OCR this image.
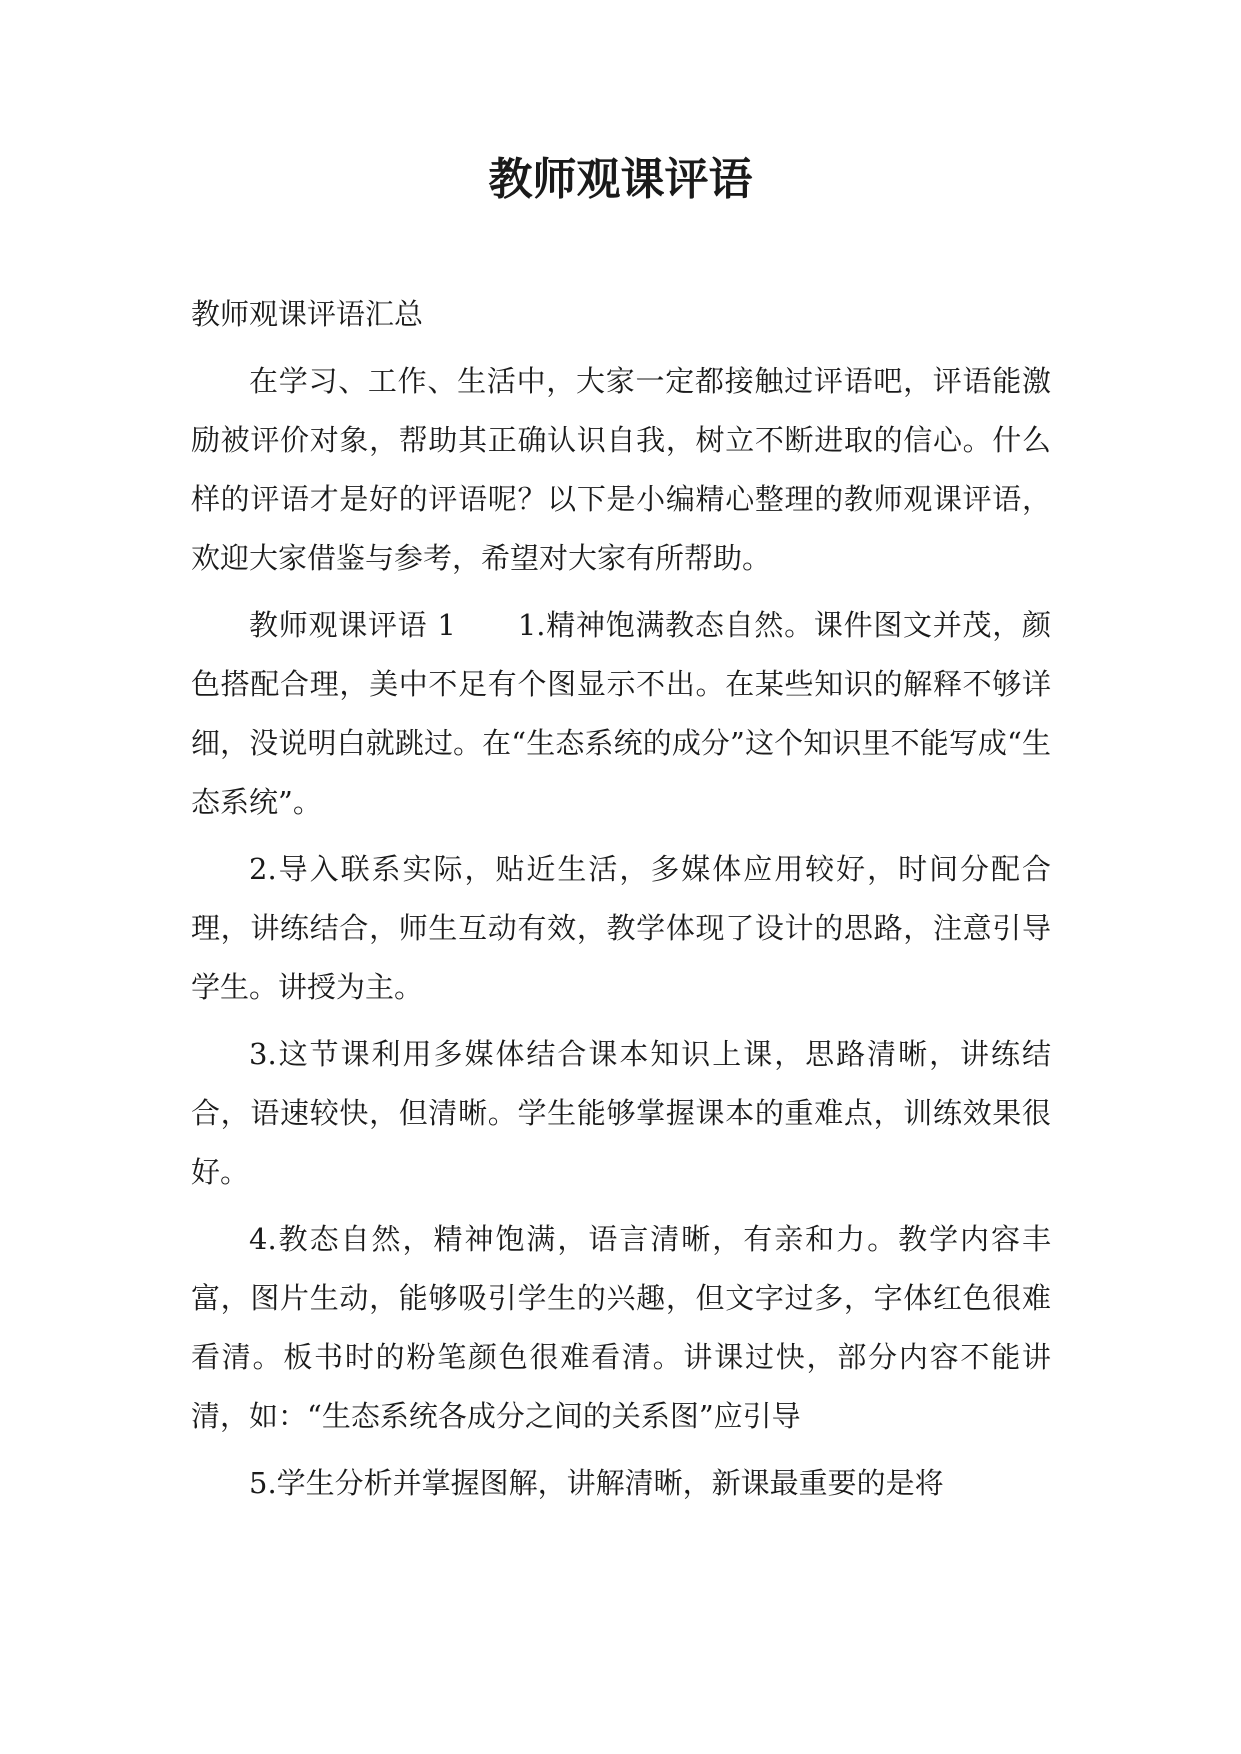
教师观课评语

教师观课评语汇总

在学习、工作、生活中，大家一定都接触过评语吧，评语能激励被评价对象，帮助其正确认识自我，树立不断进取的信心。什么样的评语才是好的评语呢？以下是小编精心整理的教师观课评语，欢迎大家借鉴与参考，希望对大家有所帮助。

教师观课评语 1 1.精神饱满教态自然。课件图文并茂，颜色搭配合理，美中不足有个图显示不出。在某些知识的解释不够详细，没说明白就跳过。在“生态系统的成分”这个知识里不能写成“生态系统”。

2.导入联系实际，贴近生活，多媒体应用较好，时间分配合理，讲练结合，师生互动有效，教学体现了设计的思路，注意引导学生。讲授为主。

3.这节课利用多媒体结合课本知识上课，思路清晰，讲练结合，语速较快，但清晰。学生能够掌握课本的重难点，训练效果很好。

4.教态自然，精神饱满，语言清晰，有亲和力。教学内容丰富，图片生动，能够吸引学生的兴趣，但文字过多，字体红色很难看清。板书时的粉笔颜色很难看清。讲课过快，部分内容不能讲清，如：“生态系统各成分之间的关系图”应引导

5.学生分析并掌握图解，讲解清晰，新课最重要的是将
